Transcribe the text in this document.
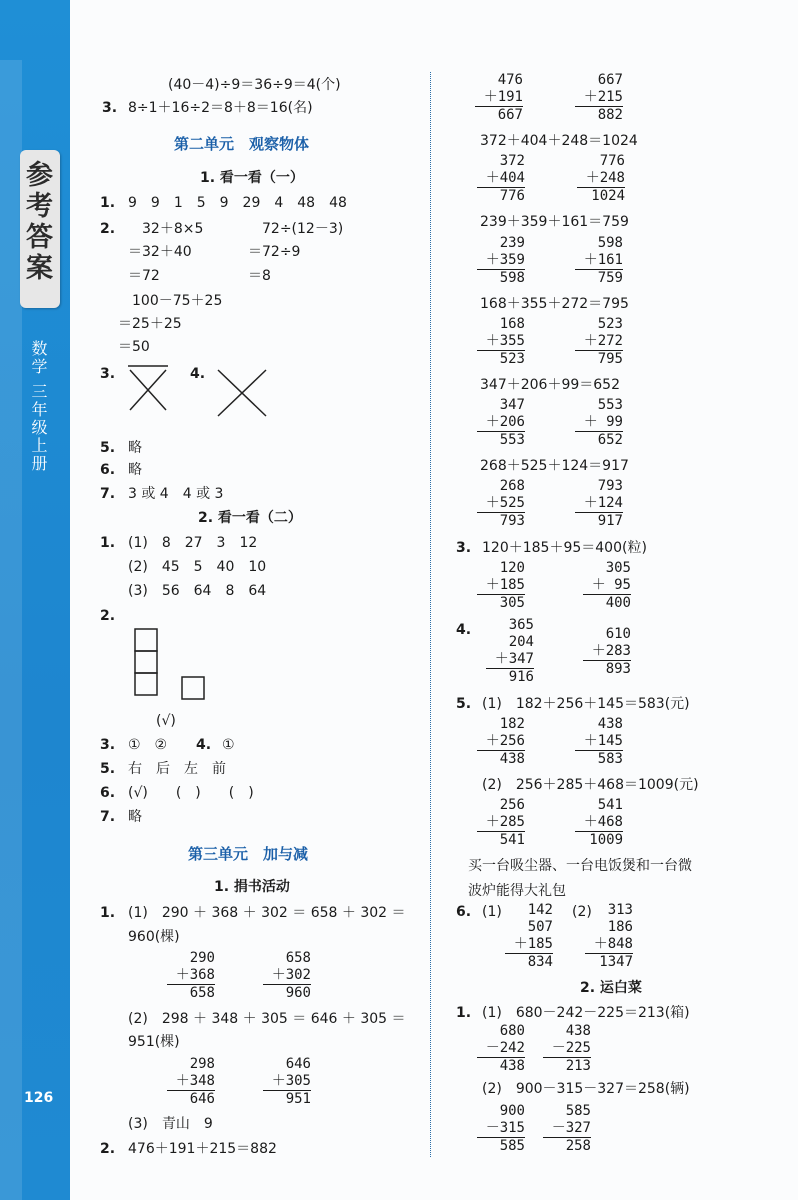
参考答案
数学 三年级上册
126
第二单元　观察物体
1. 看一看（一）
2. 看一看（二）
第三单元　加与减
1. 捐书活动
2. 运白菜
(40－4)÷9＝36÷9＝4(个)
3. 8÷1＋16÷2＝8＋8＝16(名)
2. 476＋191＋215＝882
1. 9　9　1　5　9　29　4　48　48
2. 32＋8×5	72÷(12－3)
＝32＋40	＝72÷9
＝72	＝8
100－75＋25
＝25＋25
＝50
3.	4.
5. 略
6. 略
7. 3 或 4　4 或 3
1. (1)　8　27　3　12
(2)　45　5　40　10
(3)　56　64　8　64
2.
(√)
3. ①　② 4. ①
5. 右　后　左　前
6. (√)　　(　)　　(　)
7. 略
1. (1)　290 ＋ 368 ＋ 302 ＝ 658 ＋ 302 ＝
960(棵)
(2)　298 ＋ 348 ＋ 305 ＝ 646 ＋ 305 ＝
951(棵)
(3)　青山　9
372＋404＋248＝1024
239＋359＋161＝759
168＋355＋272＝795
347＋206＋99＝652
268＋525＋124＝917
3. 120＋185＋95＝400(粒)
4.
5. (1)　182＋256＋145＝583(元)
(2)　256＋285＋468＝1009(元)
买一台吸尘器、一台电饭煲和一台微
波炉能得大礼包
6. (1)	(2)
1. (1)　680－242－225＝213(箱)
(2)　900－315－327＝258(辆)
476
＋191
667
667
＋215
882
372
＋404
776
776
＋248
1024
239
＋359
598
598
＋161
759
168
＋355
523
523
＋272
795
347
＋206
553
553
＋ 99
652
268
＋525
793
793
＋124
917
120
＋185
305
305
＋ 95
400
365
204
＋347
916
610
＋283
893
182
＋256
438
438
＋145
583
256
＋285
541
541
＋468
1009
142
507
＋185
834
313
186
＋848
1347
680
－242
438
438
－225
213
900
－315
585
585
－327
258
290
＋368
658
658
＋302
960
298
＋348
646
646
＋305
951
